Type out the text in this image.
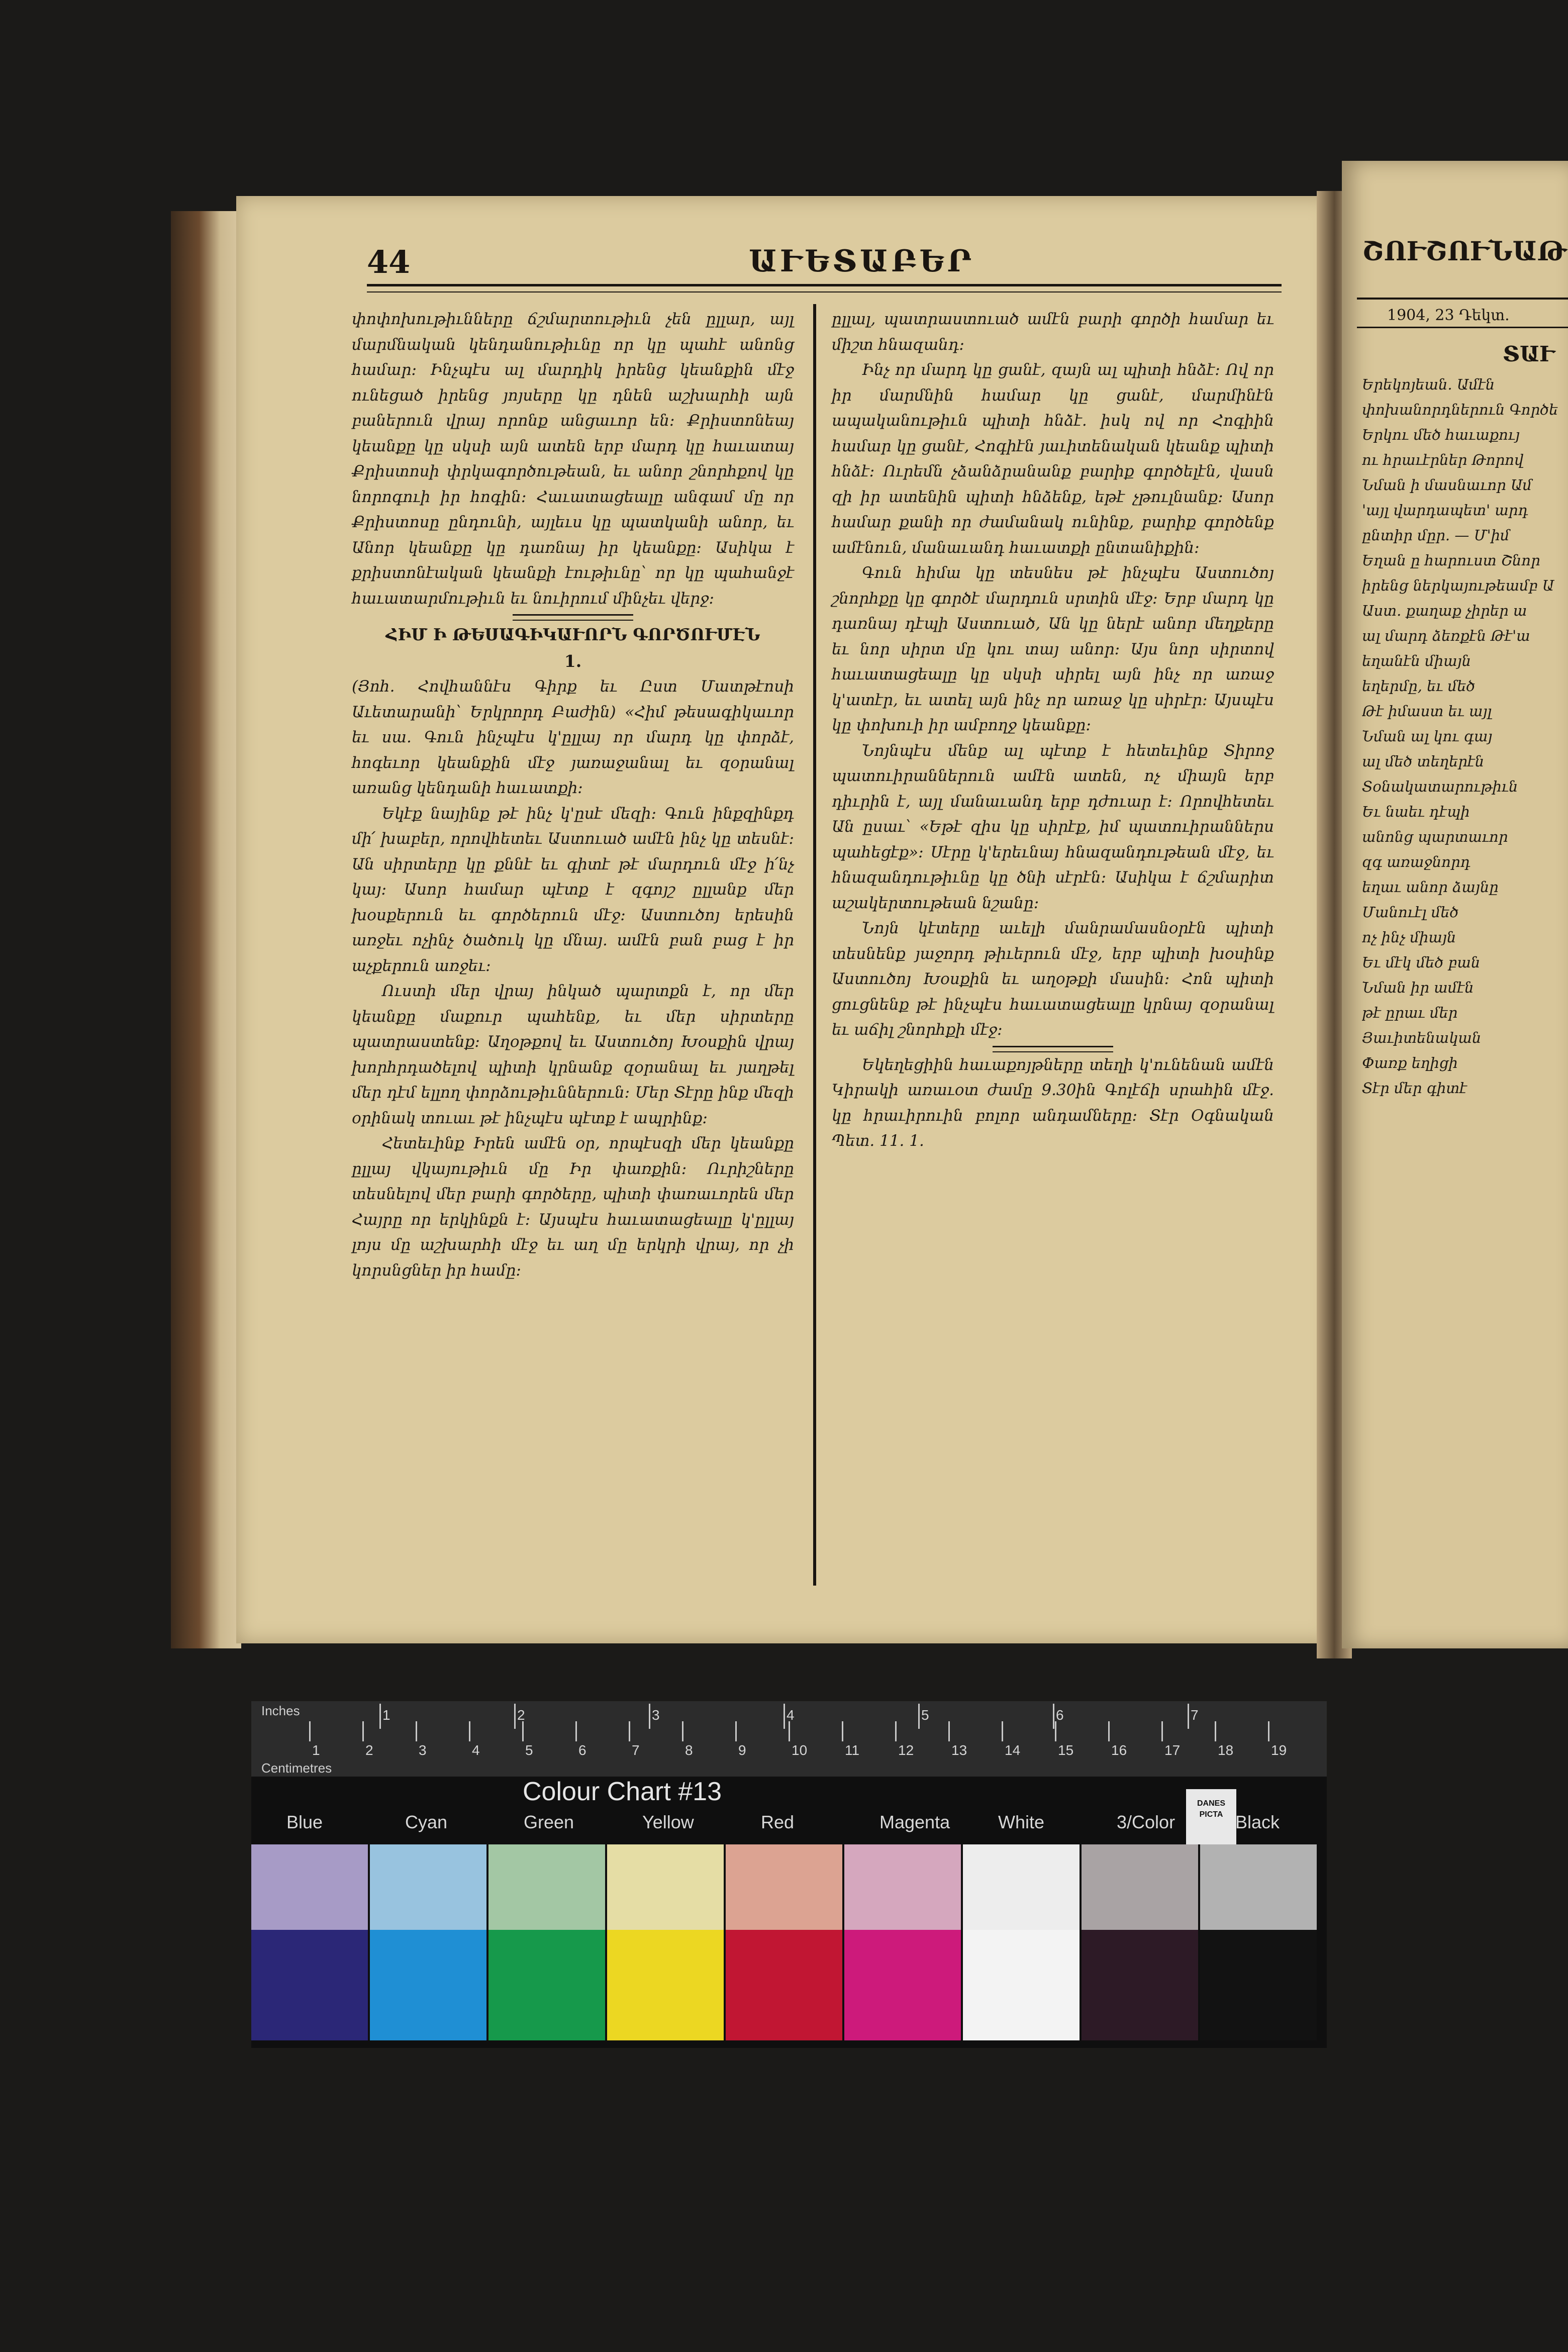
44	ԱՒԵՏԱԲԵՐ

փոփոխութիւնները ճշմարտութիւն չեն ըլլար, այլ մարմնական կենդանութիւնը որ կը պահէ անոնց համար։ Ինչպէս ալ մարդիկ իրենց կեանքին մէջ ունեցած իրենց յոյսերը կը դնեն աշխարհի այն բաներուն վրայ որոնք անցաւոր են։ Քրիստոնեայ կեանքը կը սկսի այն ատեն երբ մարդ կը հաւատայ Քրիստոսի փրկագործութեան, եւ անոր շնորհքով կը նորոգուի իր հոգին։ Հաւատացեալը անգամ մը որ Քրիստոսը ընդունի, այլեւս կը պատկանի անոր, եւ Անոր կեանքը կը դառնայ իր կեանքը։ Ասիկա է քրիստոնէական կեանքի էութիւնը՝ որ կը պահանջէ հաւատարմութիւն եւ նուիրում մինչեւ վերջ։

ՀԻՄ Ի ԹԵՍԱԳԻԿԱՒՈՐՆ ԳՈՐԾՈՒՄԷՆ

1.

(Յոհ. Հովհաննէս Գիրք եւ Ըստ Մատթէոսի Աւետարանի՝ Երկրորդ Բաժին) «Հիմ թեսագիկաւոր եւ սա. Գուն ինչպէս կ'ըլլայ որ մարդ կը փորձէ, հոգեւոր կեանքին մէջ յառաջանալ եւ զօրանալ առանց կենդանի հաւատքի։

Եկէք նայինք թէ ինչ կ'ըսէ մեզի։ Գուն ինքզինքդ մի՛ խաբեր, որովհետեւ Աստուած ամէն ինչ կը տեսնէ։ Ան սիրտերը կը քննէ եւ գիտէ թէ մարդուն մէջ ի՛նչ կայ։ Ասոր համար պէտք է զգոյշ ըլլանք մեր խօսքերուն եւ գործերուն մէջ։ Աստուծոյ երեսին առջեւ ոչինչ ծածուկ կը մնայ. ամէն բան բաց է իր աչքերուն առջեւ։

Ուստի մեր վրայ ինկած պարտքն է, որ մեր կեանքը մաքուր պահենք, եւ մեր սիրտերը պատրաստենք։ Աղօթքով եւ Աստուծոյ Խօսքին վրայ խորհրդածելով պիտի կրնանք զօրանալ եւ յաղթել մեր դէմ ելլող փորձութիւններուն։ Մեր Տէրը ինք մեզի օրինակ տուաւ թէ ինչպէս պէտք է ապրինք։

Հետեւինք Իրեն ամէն օր, որպէսզի մեր կեանքը ըլլայ վկայութիւն մը Իր փառքին։ Ուրիշները տեսնելով մեր բարի գործերը, պիտի փառաւորեն մեր Հայրը որ երկինքն է։ Այսպէս հաւատացեալը կ'ըլլայ լոյս մը աշխարհի մէջ եւ աղ մը երկրի վրայ, որ չի կորսնցներ իր համը։

ըլլալ, պատրաստուած ամէն բարի գործի համար եւ միշտ հնազանդ։

Ինչ որ մարդ կը ցանէ, զայն ալ պիտի հնձէ։ Ով որ իր մարմնին համար կը ցանէ, մարմինէն ապականութիւն պիտի հնձէ. իսկ ով որ Հոգիին համար կը ցանէ, Հոգիէն յաւիտենական կեանք պիտի հնձէ։ Ուրեմն չձանձրանանք բարիք գործելէն, վասն զի իր ատենին պիտի հնձենք, եթէ չթուլնանք։ Ասոր համար քանի որ ժամանակ ունինք, բարիք գործենք ամէնուն, մանաւանդ հաւատքի ընտանիքին։

Գուն հիմա կը տեսնես թէ ինչպէս Աստուծոյ շնորհքը կը գործէ մարդուն սրտին մէջ։ Երբ մարդ կը դառնայ դէպի Աստուած, Ան կը ներէ անոր մեղքերը եւ նոր սիրտ մը կու տայ անոր։ Այս նոր սիրտով հաւատացեալը կը սկսի սիրել այն ինչ որ առաջ կ'ատէր, եւ ատել այն ինչ որ առաջ կը սիրէր։ Այսպէս կը փոխուի իր ամբողջ կեանքը։

Նոյնպէս մենք ալ պէտք է հետեւինք Տիրոջ պատուիրաններուն ամէն ատեն, ոչ միայն երբ դիւրին է, այլ մանաւանդ երբ դժուար է։ Որովհետեւ Ան ըսաւ՝ «Եթէ զիս կը սիրէք, իմ պատուիրաններս պահեցէք»։ Սէրը կ'երեւնայ հնազանդութեան մէջ, եւ հնազանդութիւնը կը ծնի սէրէն։ Ասիկա է ճշմարիտ աշակերտութեան նշանը։

Նոյն կէտերը աւելի մանրամասնօրէն պիտի տեսնենք յաջորդ թիւերուն մէջ, երբ պիտի խօսինք Աստուծոյ Խօսքին եւ աղօթքի մասին։ Հոն պիտի ցուցնենք թէ ինչպէս հաւատացեալը կրնայ զօրանալ եւ աճիլ շնորհքի մէջ։

Եկեղեցիին հաւաքոյթները տեղի կ'ունենան ամէն Կիրակի առաւօտ ժամը 9.30ին Գոլէճի սրահին մէջ. կը հրաւիրուին բոլոր անդամները։ Տէր Օգնական Պետ. 11. 1.

ՇՈՒՇՈՒՆԱԹ
1904, 23 Դեկտ.
ՏԱՒ
Երեկոյեան. Ամէն
փոխանորդներուն Գործե
Երկու մեծ հաւաքույ
ու հրաւէրներ Թորով
Նման ի մասնաւոր Ամ
'այլ վարդապետ' արդ
ընտիր մըր. — Մ'իմ
Եղան ը հարուստ Շնոր
իրենց ներկայութեամբ Ա
Աստ. քաղաք չիրեր ա
ալ մարդ ձեռքէն Թէ'ա
եղանէն միայն
եղերմը, եւ մեծ
Թէ իմաստ եւ այլ
Նման ալ կու գայ
ալ մեծ տեղերէն
Տօնակատարութիւն
Եւ նաեւ դէպի
անոնց պարտաւոր
զգ առաջնորդ
եղաւ անոր ձայնը
Մանուէլ մեծ
ոչ ինչ միայն
Եւ մէկ մեծ բան
Նման իր ամէն
թէ ըրաւ մեր
Յաւիտենական
Փառք եղիցի
Տէր մեր գիտէ
Inches
Centimetres
1	2	3	4	5	6	7	8	9	10	11	12	13	14	15	16	17	18	19
1	2	3	4	5	6	7
Colour Chart #13	DANES PICTA
Blue	Cyan	Green	Yellow	Red	Magenta	White	3/Color	Black
